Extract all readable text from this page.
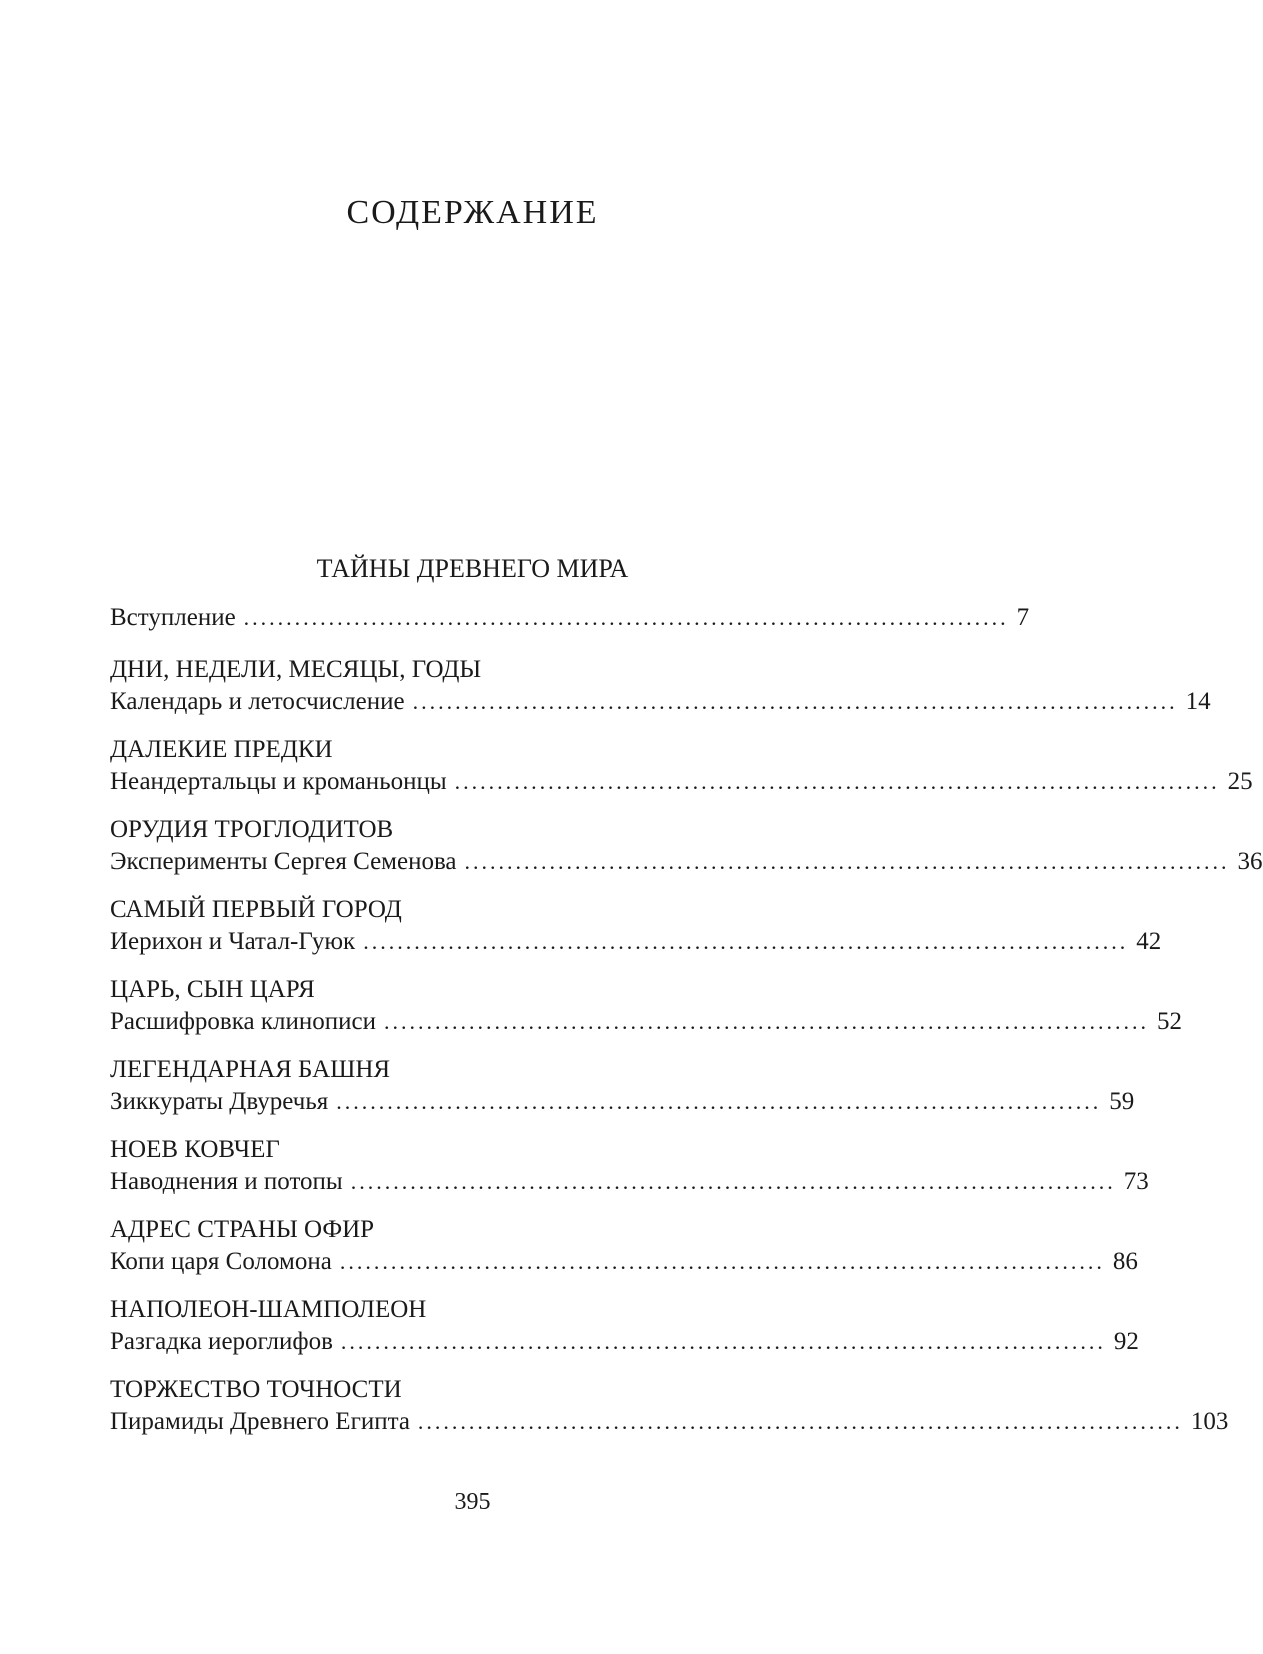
СОДЕРЖАНИЕ
ТАЙНЫ ДРЕВНЕГО МИРА
Вступление .......................................................................................... 7
ДНИ, НЕДЕЛИ, МЕСЯЦЫ, ГОДЫ
Календарь и летосчисление .......................................................................................... 14
ДАЛЕКИЕ ПРЕДКИ
Неандертальцы и кроманьонцы .......................................................................................... 25
ОРУДИЯ ТРОГЛОДИТОВ
Эксперименты Сергея Семенова .......................................................................................... 36
САМЫЙ ПЕРВЫЙ ГОРОД
Иерихон и Чатал-Гуюк .......................................................................................... 42
ЦАРЬ, СЫН ЦАРЯ
Расшифровка клинописи .......................................................................................... 52
ЛЕГЕНДАРНАЯ БАШНЯ
Зиккураты Двуречья .......................................................................................... 59
НОЕВ КОВЧЕГ
Наводнения и потопы .......................................................................................... 73
АДРЕС СТРАНЫ ОФИР
Копи царя Соломона .......................................................................................... 86
НАПОЛЕОН-ШАМПОЛЕОН
Разгадка иероглифов .......................................................................................... 92
ТОРЖЕСТВО ТОЧНОСТИ
Пирамиды Древнего Египта .......................................................................................... 103
395
